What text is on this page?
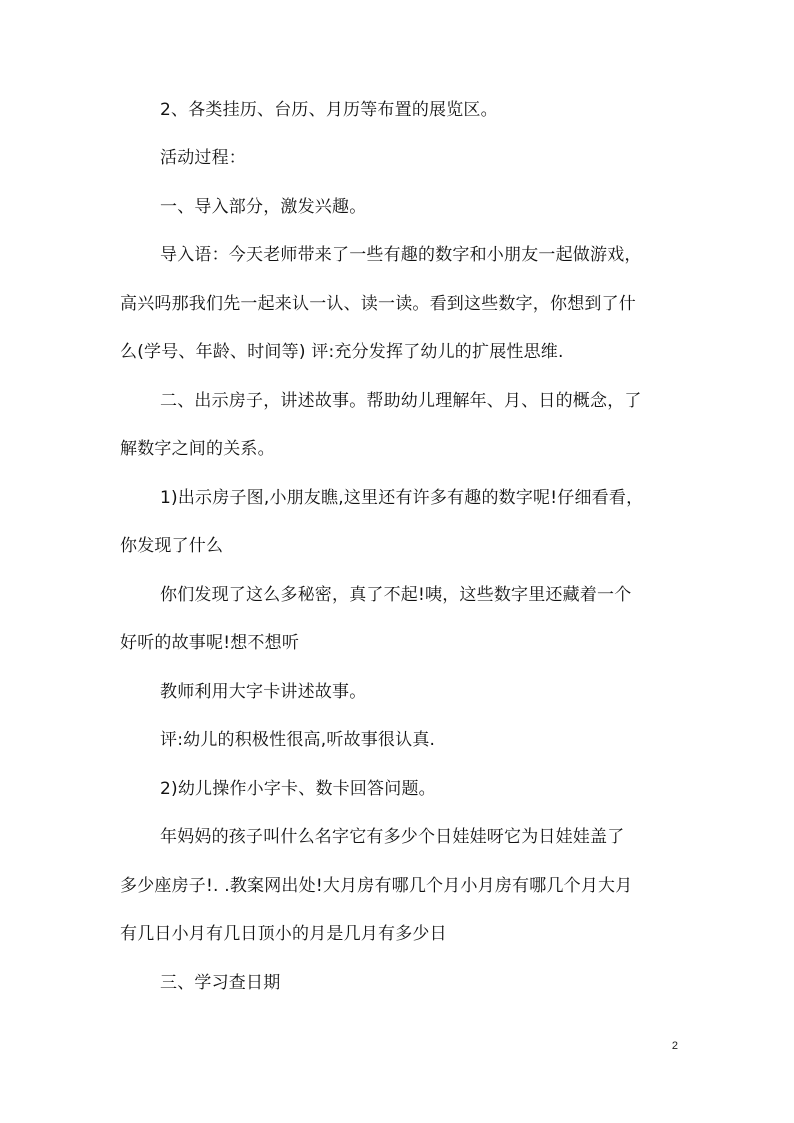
2、各类挂历、台历、月历等布置的展览区。
活动过程：
一、导入部分，激发兴趣。
导入语：今天老师带来了一些有趣的数字和小朋友一起做游戏，
高兴吗那我们先一起来认一认、读一读。看到这些数字，你想到了什
么(学号、年龄、时间等) 评:充分发挥了幼儿的扩展性思维.
二、出示房子，讲述故事。帮助幼儿理解年、月、日的概念，了
解数字之间的关系。
1)出示房子图,小朋友瞧,这里还有许多有趣的数字呢!仔细看看，
你发现了什么
你们发现了这么多秘密，真了不起!咦，这些数字里还藏着一个
好听的故事呢!想不想听
教师利用大字卡讲述故事。
评:幼儿的积极性很高,听故事很认真.
2)幼儿操作小字卡、数卡回答问题。
年妈妈的孩子叫什么名字它有多少个日娃娃呀它为日娃娃盖了
多少座房子!. .教案网出处!大月房有哪几个月小月房有哪几个月大月
有几日小月有几日顶小的月是几月有多少日
三、学习查日期
2
